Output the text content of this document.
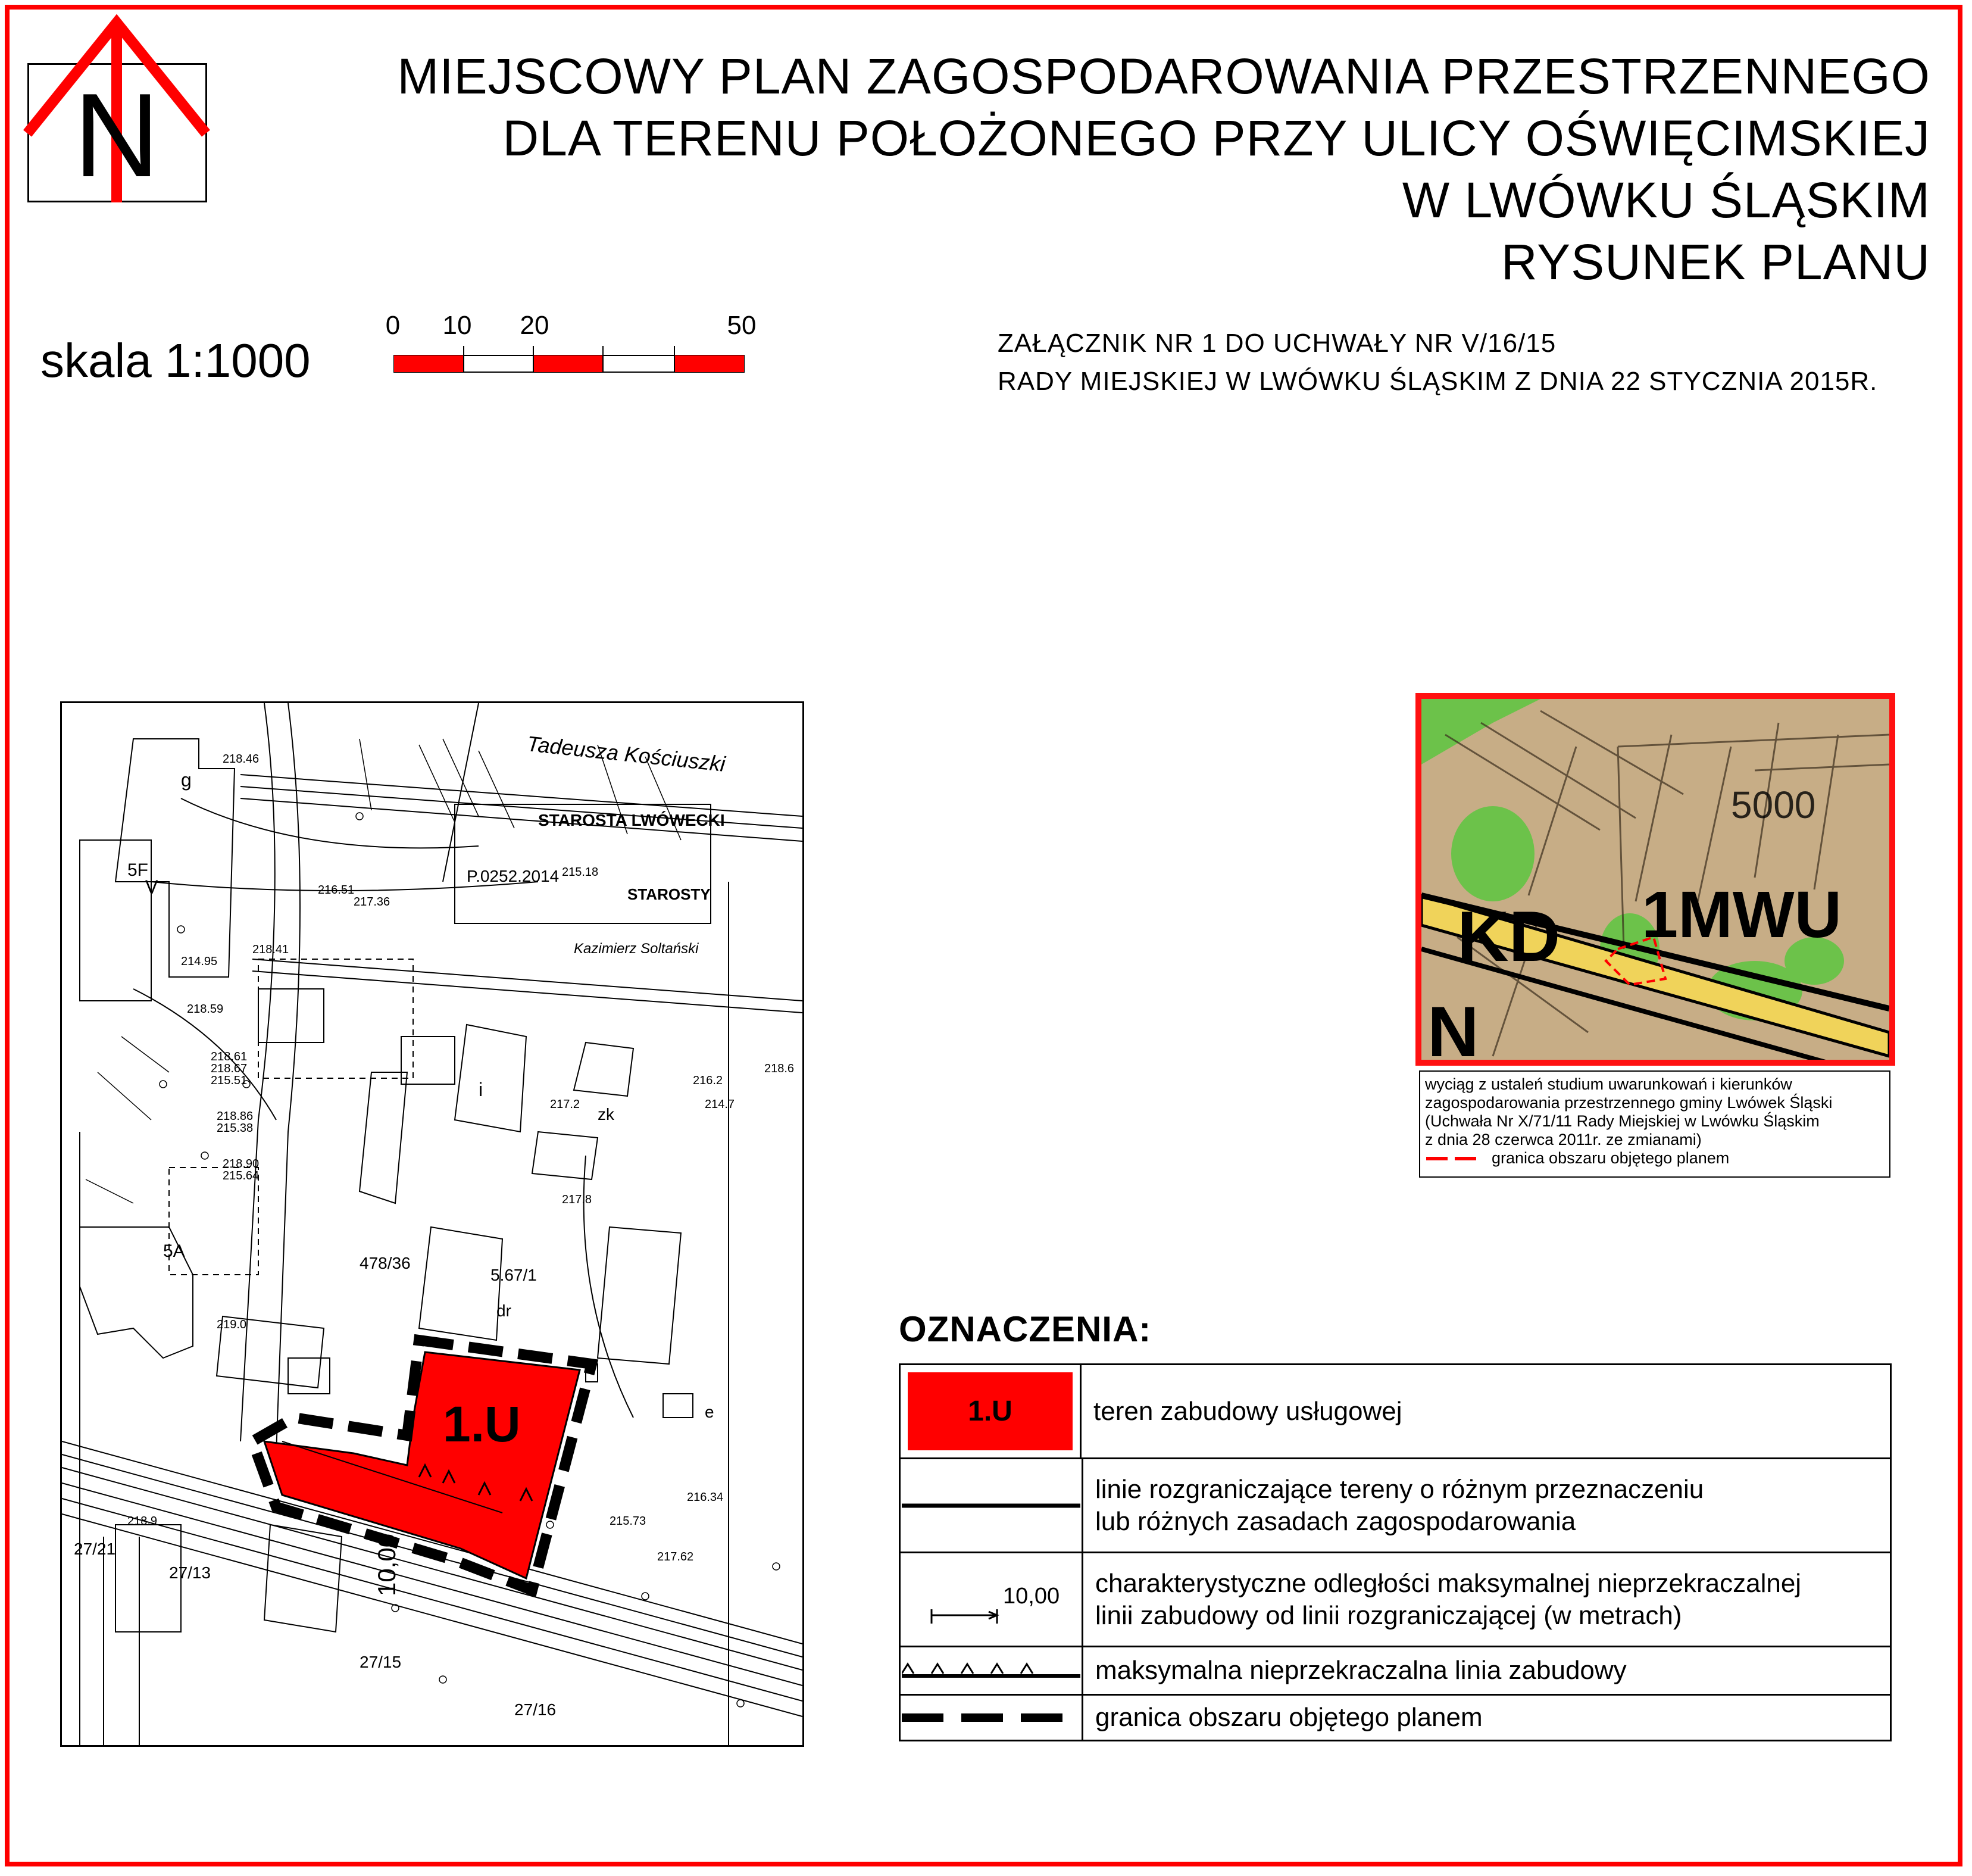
N	MIEJSCOWY PLAN ZAGOSPODAROWANIA PRZESTRZENNEGO
DLA TERENU POŁOŻONEGO PRZY ULICY OŚWIĘCIMSKIEJ
W LWÓWKU ŚLĄSKIM
RYSUNEK PLANU
skala 1:1000
0 10 20	50
ZAŁĄCZNIK NR 1 DO UCHWAŁY NR V/16/15
RADY MIEJSKIEJ W LWÓWKU ŚLĄSKIM Z DNIA 22 STYCZNIA 2015R.
STAROSTA LWÓWECKI
P.0252.2014
STAROSTY
Kazimierz Soltański
Tadeusza Kościuszki
1.U
10,00
478/36
5.67/1
dr
27/21
27/13
27/15
27/16
g
i
V
zk
e
5A
5F
218.46
218.41
216.51
217.36
215.18
214.95
218.59
218.61
218.67
215.51
218.86
215.38
218.90
215.64
217.8
218.9
218.6
219.0
216.2
214.7
217.2
215.73
217.62
216.34
1MWU
KD
N
5000
wyciąg z ustaleń studium uwarunkowań i kierunków
zagospodarowania przestrzennego gminy Lwówek Śląski
(Uchwała Nr X/71/11 Rady Miejskiej w Lwówku Śląskim
z dnia 28 czerwca 2011r. ze zmianami)
granica obszaru objętego planem
OZNACZENIA:
1.U	teren zabudowy usługowej
linie rozgraniczające tereny o różnym przeznaczeniu
lub różnych zasadach zagospodarowania
10,00 charakterystyczne odległości maksymalnej nieprzekraczalnej
linii zabudowy od linii rozgraniczającej (w metrach)
maksymalna nieprzekraczalna linia zabudowy
granica obszaru objętego planem
